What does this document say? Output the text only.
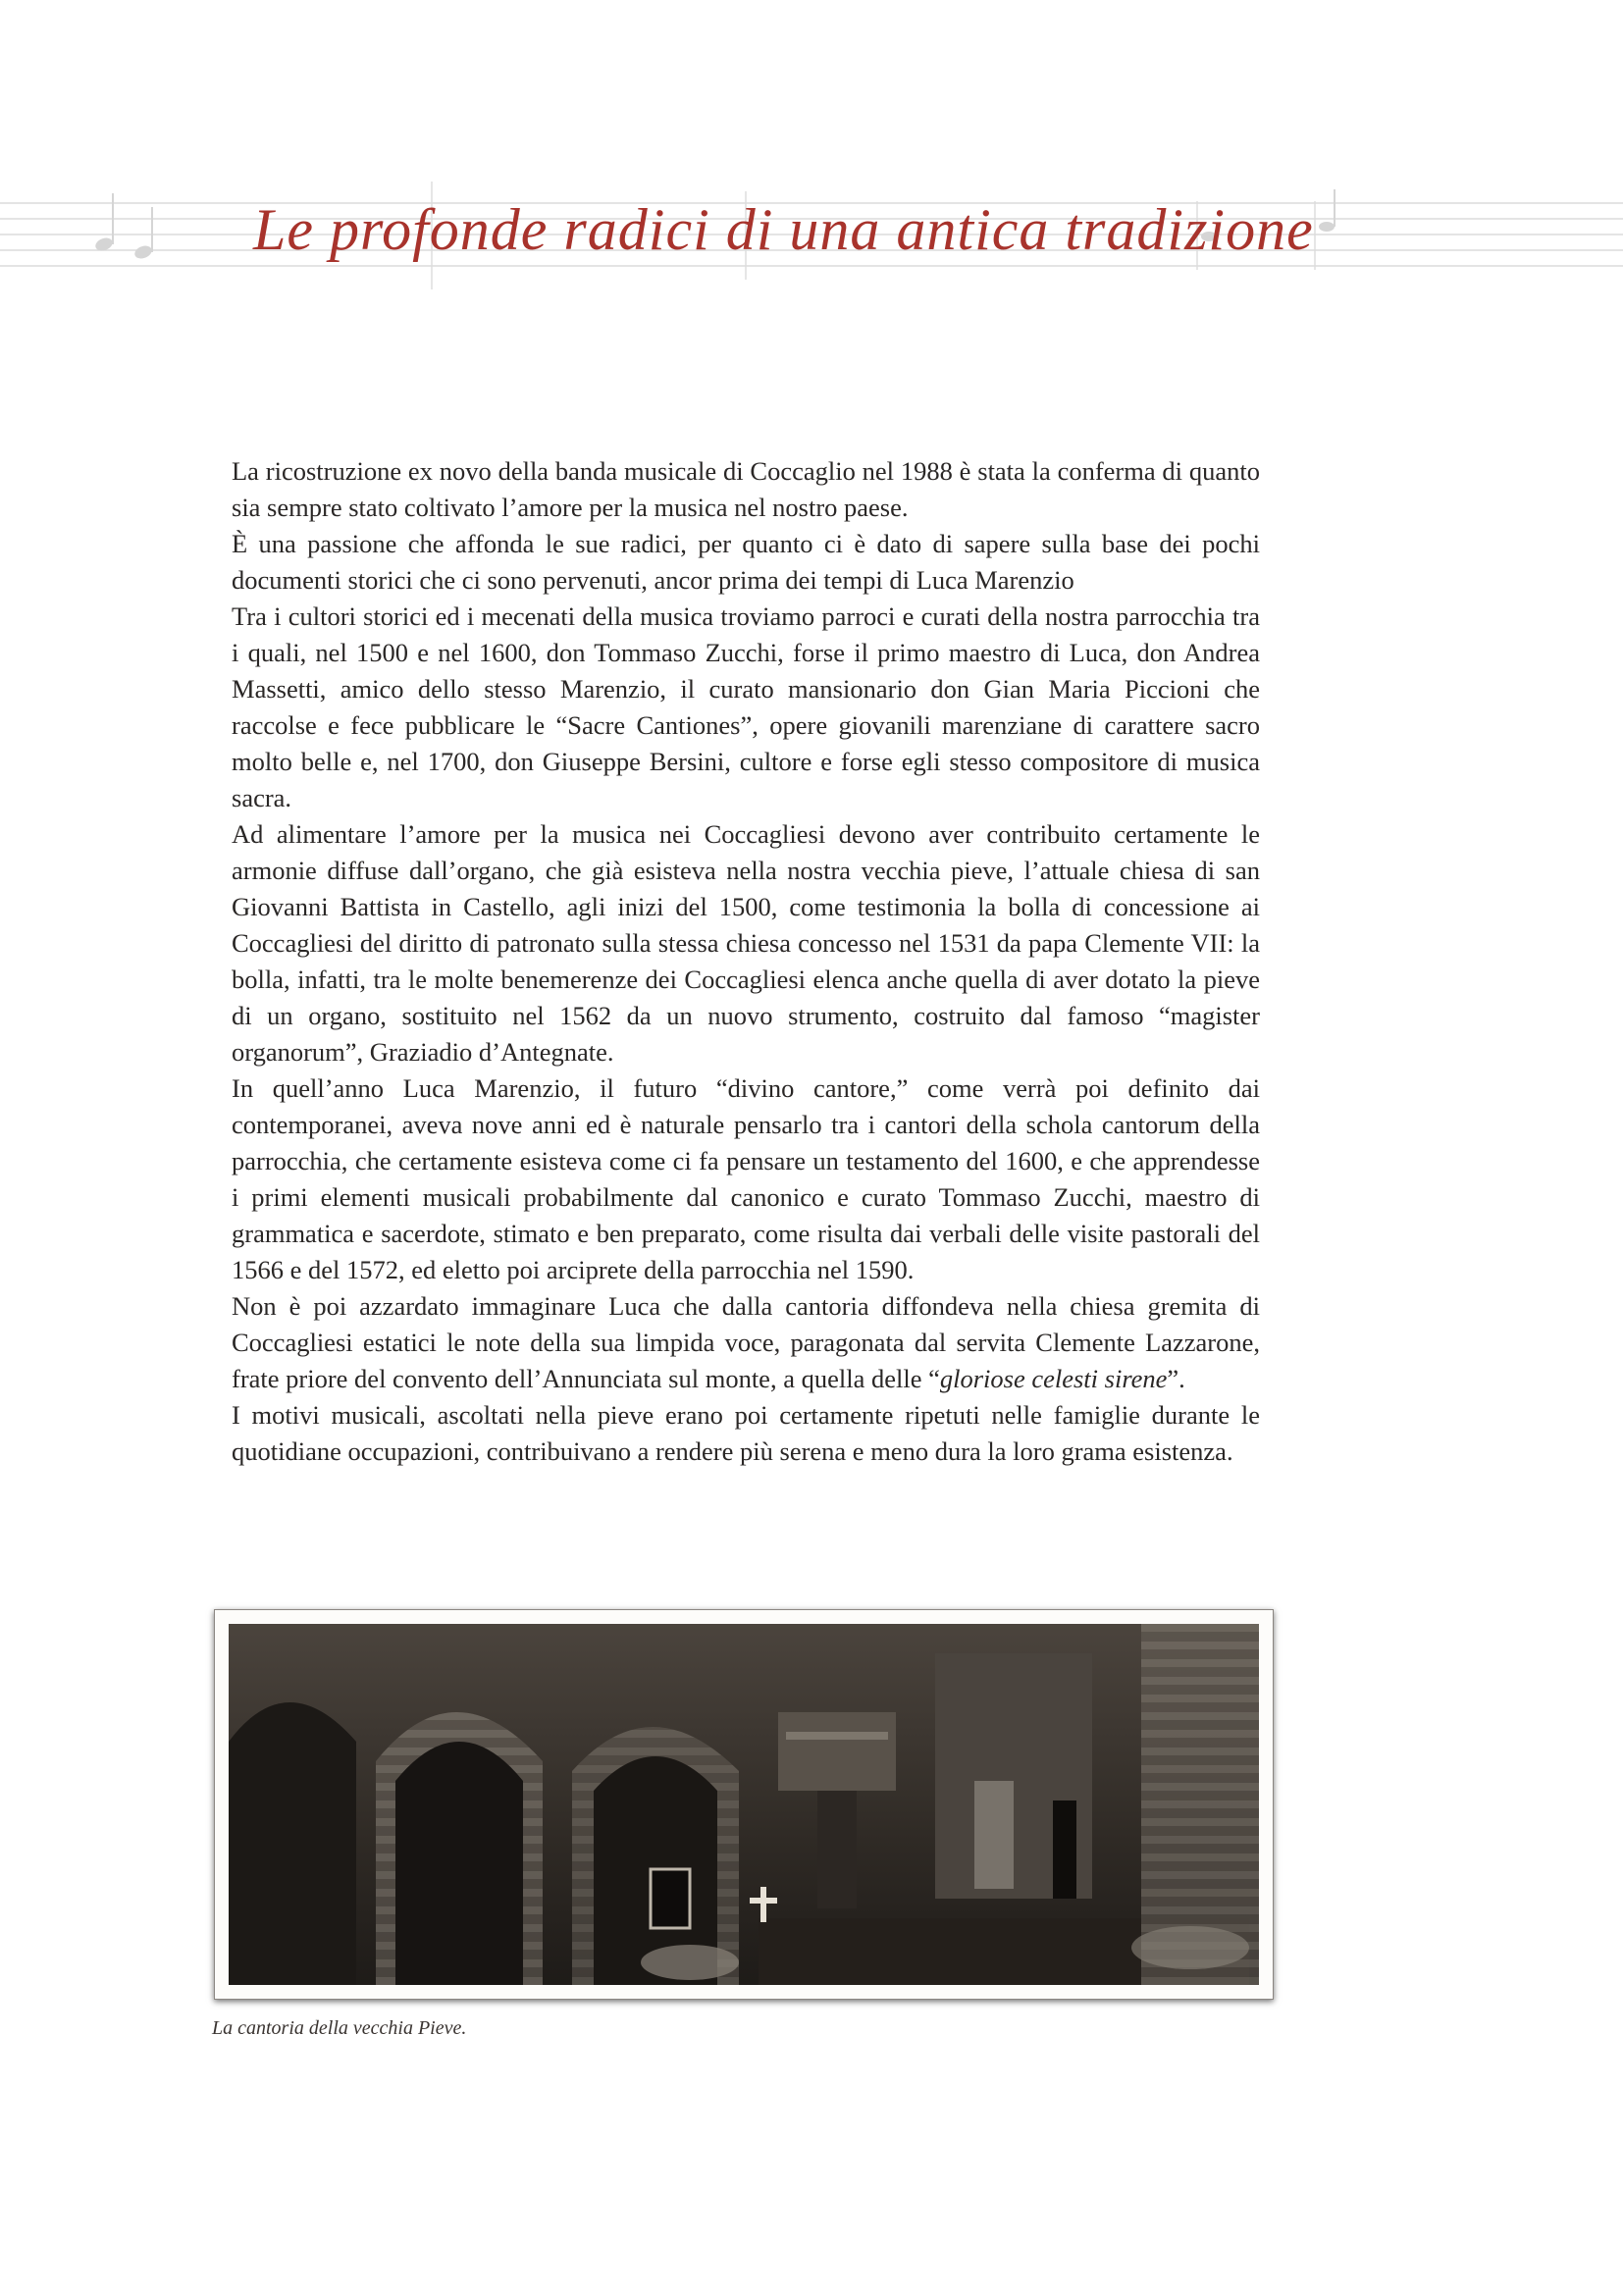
Le profonde radici di una antica tradizione

La ricostruzione ex novo della banda musicale di Coccaglio nel 1988 è stata la conferma di quanto sia sempre stato coltivato l’amore per la musica nel nostro paese.

È una passione che affonda le sue radici, per quanto ci è dato di sapere sulla base dei pochi documenti storici che ci sono pervenuti, ancor prima dei tempi di Luca Marenzio

Tra i cultori storici ed i mecenati della musica troviamo parroci e curati della nostra parrocchia tra i quali, nel 1500 e nel 1600, don Tommaso Zucchi, forse il primo maestro di Luca, don Andrea Massetti, amico dello stesso Marenzio, il curato mansionario don Gian Maria Piccioni che raccolse e fece pubblicare le “Sacre Cantiones”, opere giovanili marenziane di carattere sacro molto belle e, nel 1700, don Giuseppe Bersini, cultore e forse egli stesso compositore di musica sacra.

Ad alimentare l’amore per la musica nei Coccagliesi devono aver contribuito certamente le armonie diffuse dall’organo, che già esisteva nella nostra vecchia pieve, l’attuale chiesa di san Giovanni Battista in Castello, agli inizi del 1500, come testimonia la bolla di concessione ai Coccagliesi del diritto di patronato sulla stessa chiesa concesso nel 1531 da papa Clemente VII: la bolla, infatti, tra le molte benemerenze dei Coccagliesi elenca anche quella di aver dotato la pieve di un organo, sostituito nel 1562 da un nuovo strumento, costruito dal famoso “magister organorum”, Graziadio d’Antegnate.

In quell’anno Luca Marenzio, il futuro “divino cantore,” come verrà poi definito dai contemporanei, aveva nove anni ed è naturale pensarlo tra i cantori della schola cantorum della parrocchia, che certamente esisteva come ci fa pensare un testamento del 1600, e che apprendesse i primi elementi musicali probabilmente dal canonico e curato Tommaso Zucchi, maestro di grammatica e sacerdote, stimato e ben preparato, come risulta dai verbali delle visite pastorali del 1566 e del 1572, ed eletto poi arciprete della parrocchia nel 1590.

Non è poi azzardato immaginare Luca che dalla cantoria diffondeva nella chiesa gremita di Coccagliesi estatici le note della sua limpida voce, paragonata dal servita Clemente Lazzarone, frate priore del convento dell’Annunciata sul monte, a quella delle “gloriose celesti sirene”.

I motivi musicali, ascoltati nella pieve erano poi certamente ripetuti nelle famiglie durante le quotidiane occupazioni, contribuivano a rendere più serena e meno dura la loro grama esistenza.

La cantoria della vecchia Pieve.
